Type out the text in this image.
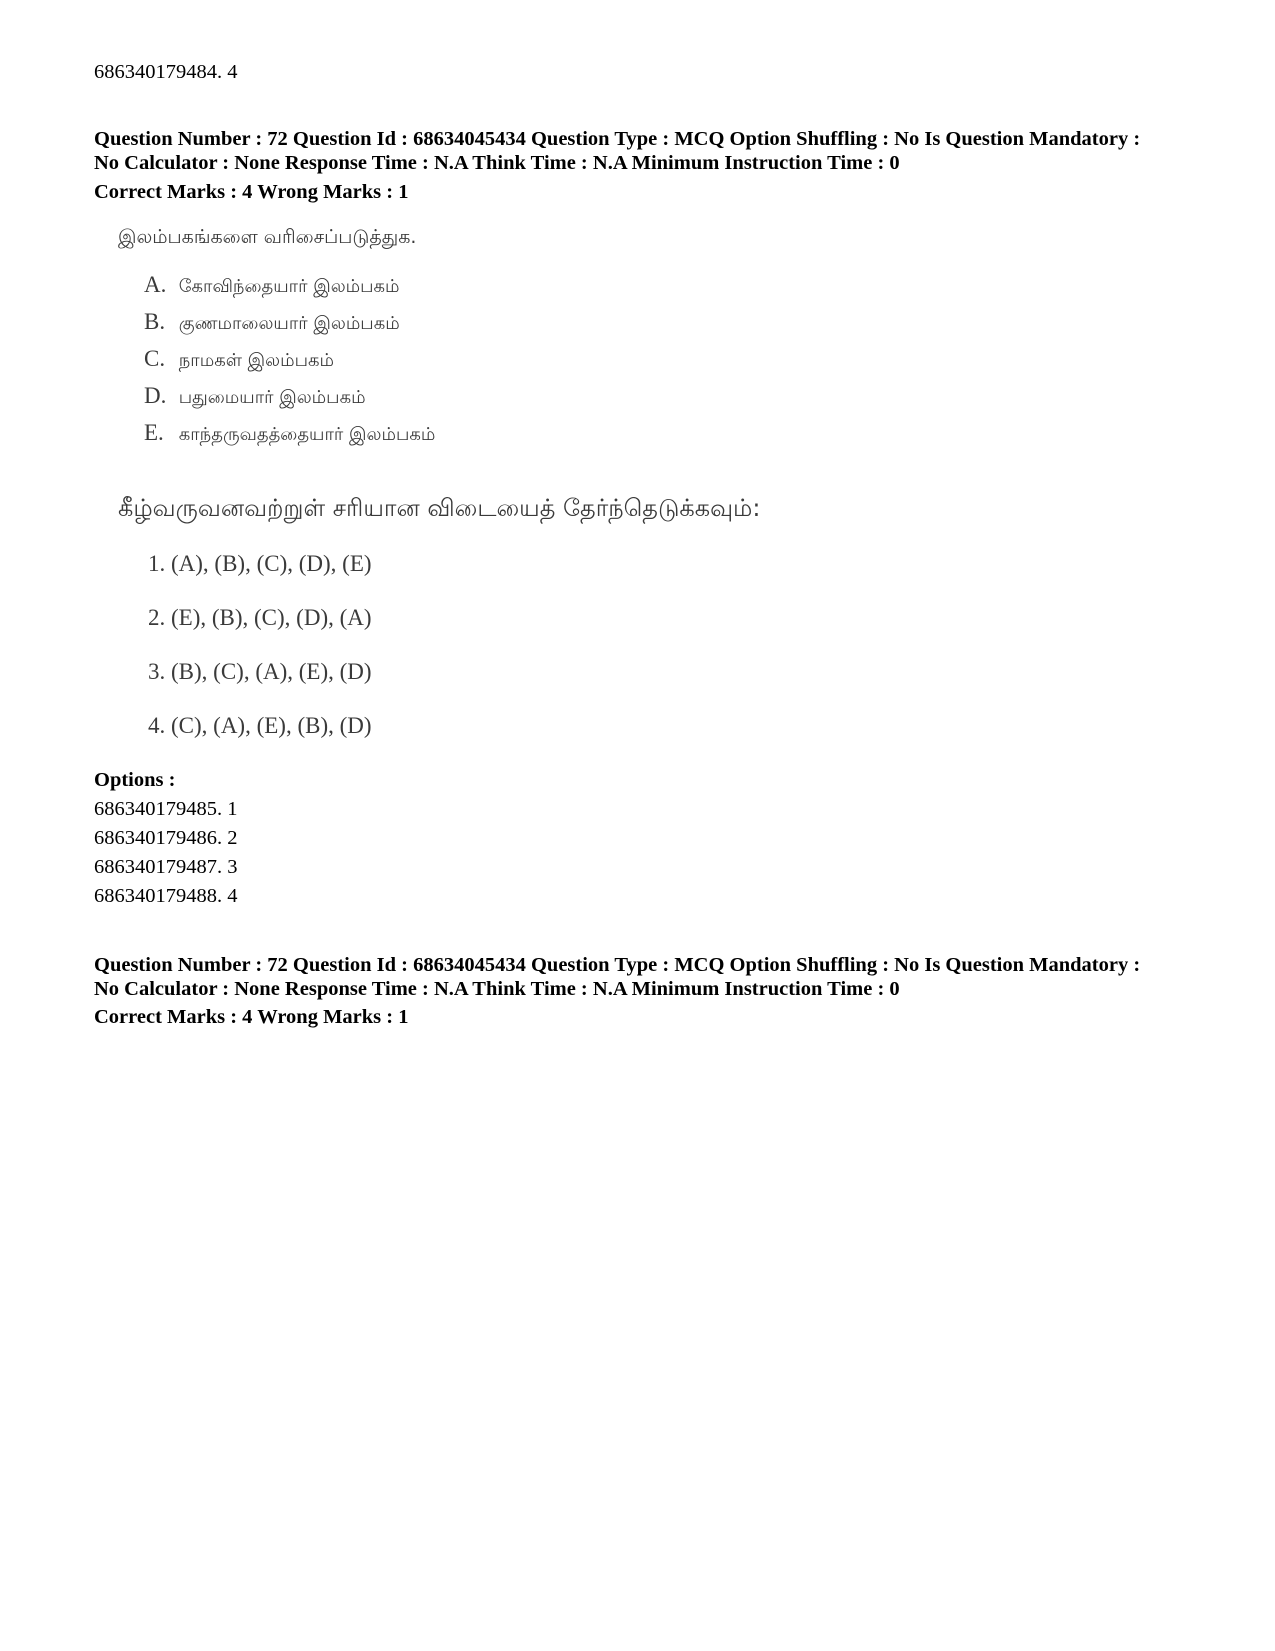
686340179484. 4
Question Number : 72 Question Id : 68634045434 Question Type : MCQ Option Shuffling : No Is Question Mandatory :
No Calculator : None Response Time : N.A Think Time : N.A Minimum Instruction Time : 0
Correct Marks : 4 Wrong Marks : 1
இலம்பகங்களை வரிசைப்படுத்துக.
A. கோவிந்தையார் இலம்பகம்
B. குணமாலையார் இலம்பகம்
C. நாமகள் இலம்பகம்
D. பதுமையார் இலம்பகம்
E. காந்தருவதத்தையார் இலம்பகம்
கீழ்வருவனவற்றுள் சரியான விடையைத் தேர்ந்தெடுக்கவும்:
1. (A), (B), (C), (D), (E)
2. (E), (B), (C), (D), (A)
3. (B), (C), (A), (E), (D)
4. (C), (A), (E), (B), (D)
Options :
686340179485. 1
686340179486. 2
686340179487. 3
686340179488. 4
Question Number : 72 Question Id : 68634045434 Question Type : MCQ Option Shuffling : No Is Question Mandatory :
No Calculator : None Response Time : N.A Think Time : N.A Minimum Instruction Time : 0
Correct Marks : 4 Wrong Marks : 1
